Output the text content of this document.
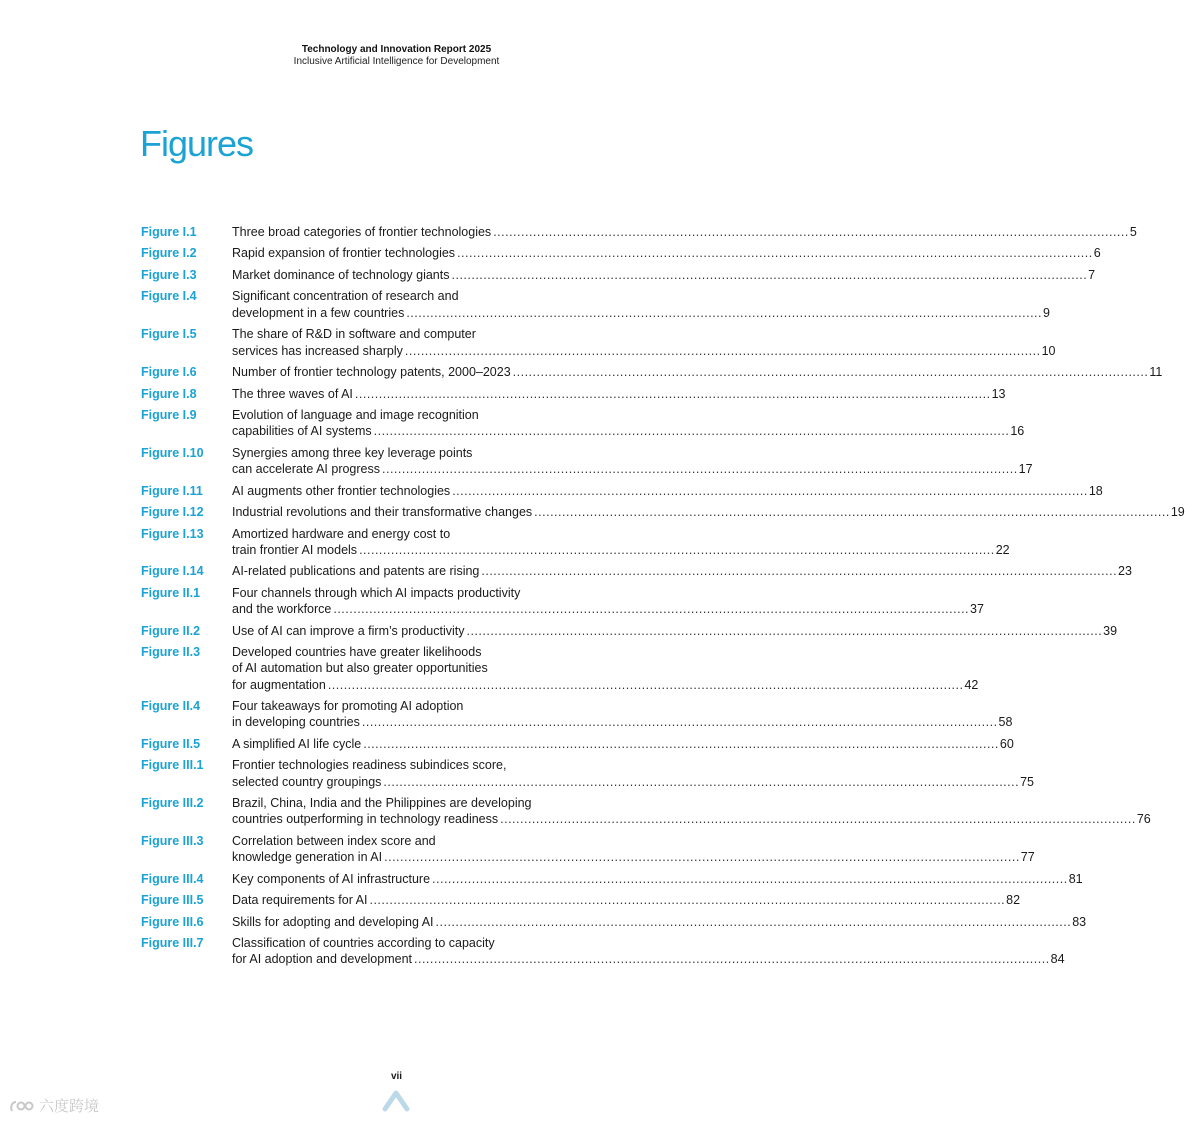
Technology and Innovation Report 2025
Inclusive Artificial Intelligence for Development
Figures
Figure I.1	Three broad categories of frontier technologies ................................................................................................................................................................ 5
Figure I.2	Rapid expansion of frontier technologies ................................................................................................................................................................ 6
Figure I.3	Market dominance of technology giants ................................................................................................................................................................ 7
Figure I.4	Significant concentration of research and
development in a few countries ................................................................................................................................................................ 9
Figure I.5	The share of R&D in software and computer
services has increased sharply ................................................................................................................................................................ 10
Figure I.6	Number of frontier technology patents, 2000–2023 ................................................................................................................................................................ 11
Figure I.8	The three waves of AI ................................................................................................................................................................ 13
Figure I.9	Evolution of language and image recognition
capabilities of AI systems ................................................................................................................................................................ 16
Figure I.10	Synergies among three key leverage points
can accelerate AI progress ................................................................................................................................................................ 17
Figure I.11	AI augments other frontier technologies ................................................................................................................................................................ 18
Figure I.12	Industrial revolutions and their transformative changes ................................................................................................................................................................ 19
Figure I.13	Amortized hardware and energy cost to
train frontier AI models ................................................................................................................................................................ 22
Figure I.14	AI-related publications and patents are rising ................................................................................................................................................................ 23
Figure II.1	Four channels through which AI impacts productivity
and the workforce ................................................................................................................................................................ 37
Figure II.2	Use of AI can improve a firm’s productivity ................................................................................................................................................................ 39
Figure II.3	Developed countries have greater likelihoods
of AI automation but also greater opportunities
for augmentation ................................................................................................................................................................ 42
Figure II.4	Four takeaways for promoting AI adoption
in developing countries ................................................................................................................................................................ 58
Figure II.5	A simplified AI life cycle ................................................................................................................................................................ 60
Figure III.1	Frontier technologies readiness subindices score,
selected country groupings ................................................................................................................................................................ 75
Figure III.2	Brazil, China, India and the Philippines are developing
countries outperforming in technology readiness ................................................................................................................................................................ 76
Figure III.3	Correlation between index score and
knowledge generation in AI ................................................................................................................................................................ 77
Figure III.4	Key components of AI infrastructure ................................................................................................................................................................ 81
Figure III.5	Data requirements for AI ................................................................................................................................................................ 82
Figure III.6	Skills for adopting and developing AI ................................................................................................................................................................ 83
Figure III.7	Classification of countries according to capacity
for AI adoption and development ................................................................................................................................................................ 84
vii
六度跨境
